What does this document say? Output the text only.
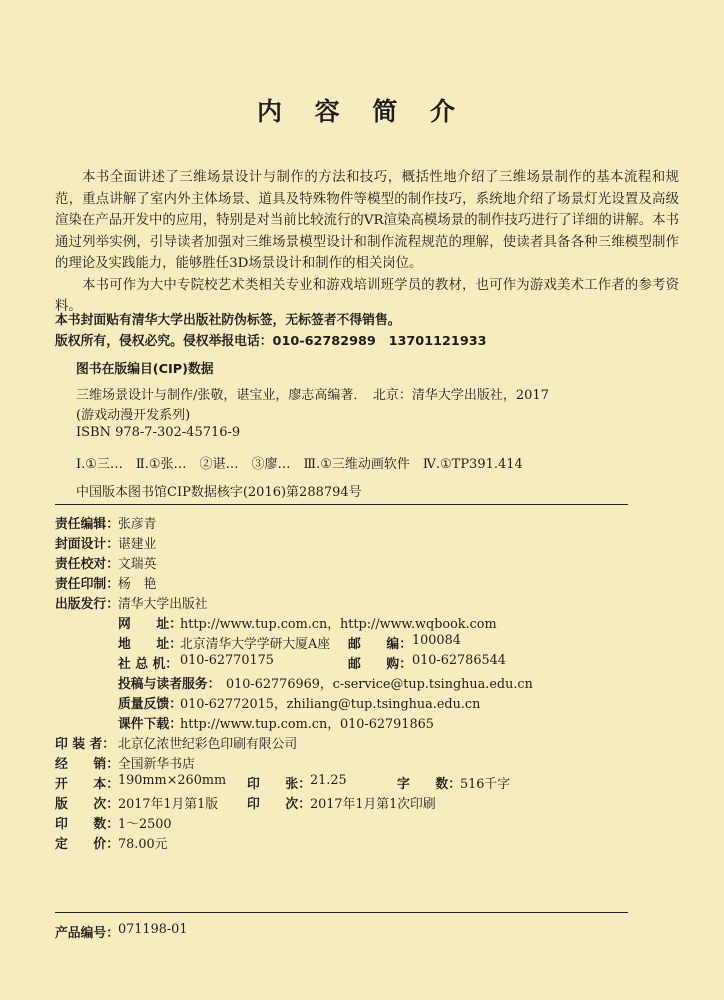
内 容 简 介

本书全面讲述了三维场景设计与制作的方法和技巧，概括性地介绍了三维场景制作的基本流程和规范，重点讲解了室内外主体场景、道具及特殊物件等模型的制作技巧，系统地介绍了场景灯光设置及高级渲染在产品开发中的应用，特别是对当前比较流行的VR渲染高模场景的制作技巧进行了详细的讲解。本书通过列举实例，引导读者加强对三维场景模型设计和制作流程规范的理解，使读者具备各种三维模型制作的理论及实践能力，能够胜任3D场景设计和制作的相关岗位。

本书可作为大中专院校艺术类相关专业和游戏培训班学员的教材，也可作为游戏美术工作者的参考资料。

本书封面贴有清华大学出版社防伪标签，无标签者不得销售。
版权所有，侵权必究。侵权举报电话：010-62782989　13701121933
图书在版编目(CIP)数据
三维场景设计与制作/张敬，谌宝业，廖志高编著．　北京：清华大学出版社，2017
(游戏动漫开发系列)
ISBN 978-7-302-45716-9
Ⅰ.①三…　Ⅱ.①张…　②谌…　③廖…　Ⅲ.①三维动画软件　Ⅳ.①TP391.414
中国版本图书馆CIP数据核字(2016)第288794号
责任编辑： 张彦青
封面设计： 谌建业
责任校对： 文瑞英
责任印制： 杨　艳
出版发行： 清华大学出版社
网　　址：
http://www.tup.com.cn，http://www.wqbook.com
地　　址：
北京清华大学学研大厦A座 邮　　编： 100084
社 总 机： 010-62770175	邮　　购： 010-62786544
投稿与读者服务： 010-62776969，c-service@tup.tsinghua.edu.cn
质量反馈：
010-62772015，zhiliang@tup.tsinghua.edu.cn
课件下载：
http://www.tup.com.cn，010-62791865
印 装 者： 北京亿浓世纪彩色印刷有限公司
经　　销： 全国新华书店
开　　本： 190mm×260mm 印　　张： 21.25	字　　数： 516千字
版　　次： 2017年1月第1版 印　　次： 2017年1月第1次印刷
印　　数： 1～2500
定　　价： 78.00元
产品编号： 071198-01
